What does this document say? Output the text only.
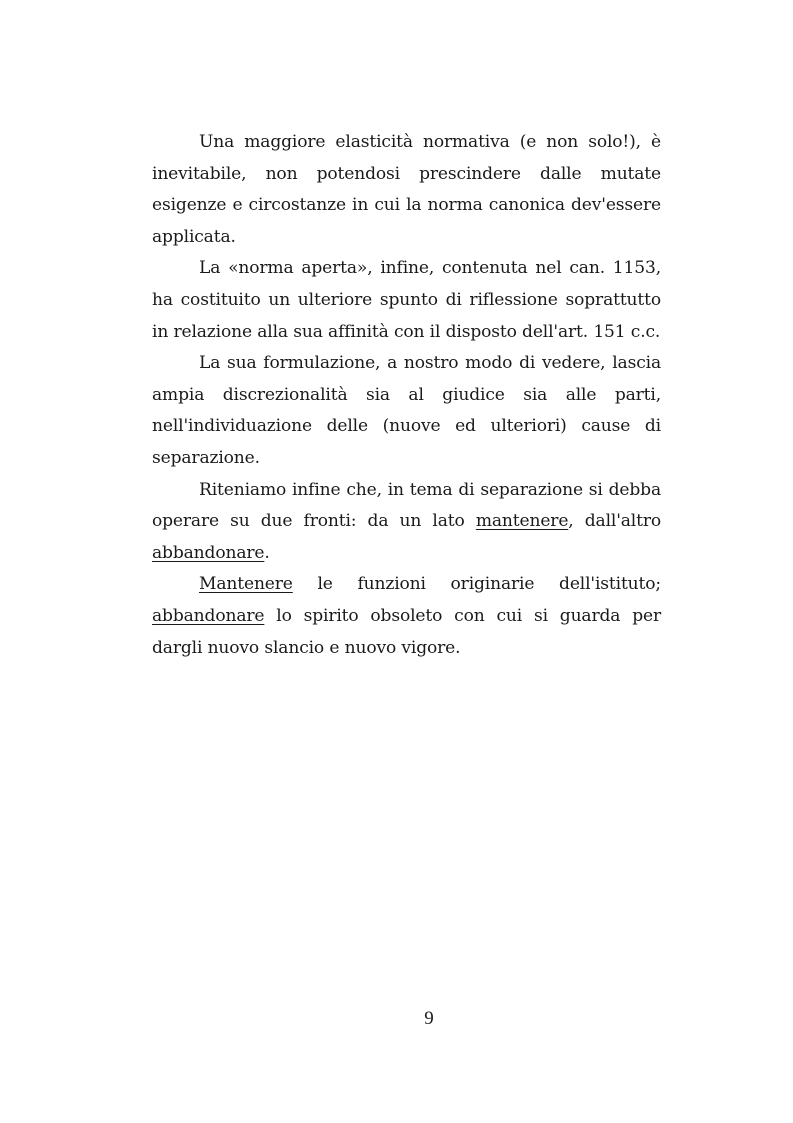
Una maggiore elasticità normativa (e non solo!), è inevitabile, non potendosi prescindere dalle mutate esigenze e circostanze in cui la norma canonica dev'essere applicata.

La «norma aperta», infine, contenuta nel can. 1153, ha costituito un ulteriore spunto di riflessione soprattutto in relazione alla sua affinità con il disposto dell'art. 151 c.c.

La sua formulazione, a nostro modo di vedere, lascia ampia discrezionalità sia al giudice sia alle parti, nell'individuazione delle (nuove ed ulteriori) cause di separazione.

Riteniamo infine che, in tema di separazione si debba operare su due fronti: da un lato mantenere, dall'altro abbandonare.

Mantenere le funzioni originarie dell'istituto; abbandonare lo spirito obsoleto con cui si guarda per dargli nuovo slancio e nuovo vigore.

9
